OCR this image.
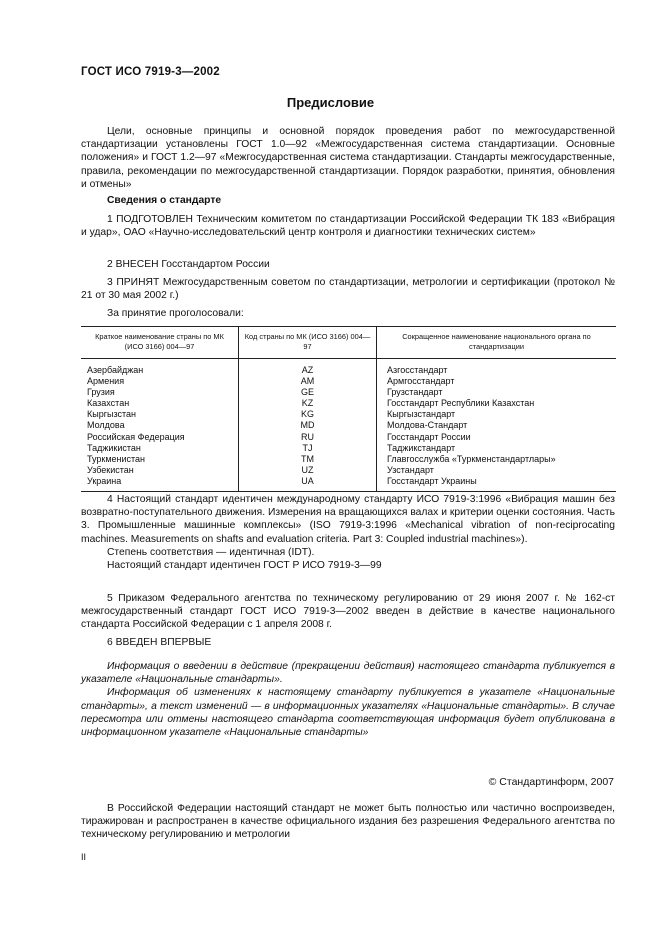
ГОСТ ИСО 7919-3—2002
Предисловие

Цели, основные принципы и основной порядок проведения работ по межгосударственной стандартизации установлены ГОСТ 1.0—92 «Межгосударственная система стандартизации. Основные положения» и ГОСТ 1.2—97 «Межгосударственная система стандартизации. Стандарты межгосударственные, правила, рекомендации по межгосударственной стандартизации. Порядок разработки, принятия, обновления и отмены»

Сведения о стандарте

1 ПОДГОТОВЛЕН Техническим комитетом по стандартизации Российской Федерации ТК 183 «Вибрация и удар», ОАО «Научно-исследовательский центр контроля и диагностики технических систем»

2 ВНЕСЕН Госстандартом России

3 ПРИНЯТ Межгосударственным советом по стандартизации, метрологии и сертификации (протокол № 21 от 30 мая 2002 г.)

За принятие проголосовали:

Краткое наименование страны по МК (ИСО 3166) 004—97	Код страны по МК (ИСО 3166) 004—97	Сокращенное наименование национального органа по стандартизации
Азербайджан	AZ	Азгосстандарт
Армения	AM	Армгосстандарт
Грузия	GE	Грузстандарт
Казахстан	KZ	Госстандарт Республики Казахстан
Кыргызстан	KG	Кыргызстандарт
Молдова	MD	Молдова-Стандарт
Российская Федерация	RU	Госстандарт России
Таджикистан	TJ	Таджикстандарт
Туркменистан	TM	Главгосслужба «Туркменстандартлары»
Узбекистан	UZ	Узстандарт
Украина	UA	Госстандарт Украины

4 Настоящий стандарт идентичен международному стандарту ИСО 7919-3:1996 «Вибрация машин без возвратно-поступательного движения. Измерения на вращающихся валах и критерии оценки состояния. Часть 3. Промышленные машинные комплексы» (ISO 7919-3:1996 «Mechanical vibration of non-reciprocating machines. Measurements on shafts and evaluation criteria. Part 3: Coupled industrial machines»).

Степень соответствия — идентичная (IDT).

Настоящий стандарт идентичен ГОСТ Р ИСО 7919-3—99

5 Приказом Федерального агентства по техническому регулированию от 29 июня 2007 г. № 162-ст межгосударственный стандарт ГОСТ ИСО 7919-3—2002 введен в действие в качестве национального стандарта Российской Федерации с 1 апреля 2008 г.

6 ВВЕДЕН ВПЕРВЫЕ

Информация о введении в действие (прекращении действия) настоящего стандарта публикуется в указателе «Национальные стандарты».

Информация об изменениях к настоящему стандарту публикуется в указателе «Национальные стандарты», а текст изменений — в информационных указателях «Национальные стандарты». В случае пересмотра или отмены настоящего стандарта соответствующая информация будет опубликована в информационном указателе «Национальные стандарты»

© Стандартинформ, 2007

В Российской Федерации настоящий стандарт не может быть полностью или частично воспроизведен, тиражирован и распространен в качестве официального издания без разрешения Федерального агентства по техническому регулированию и метрологии

II
